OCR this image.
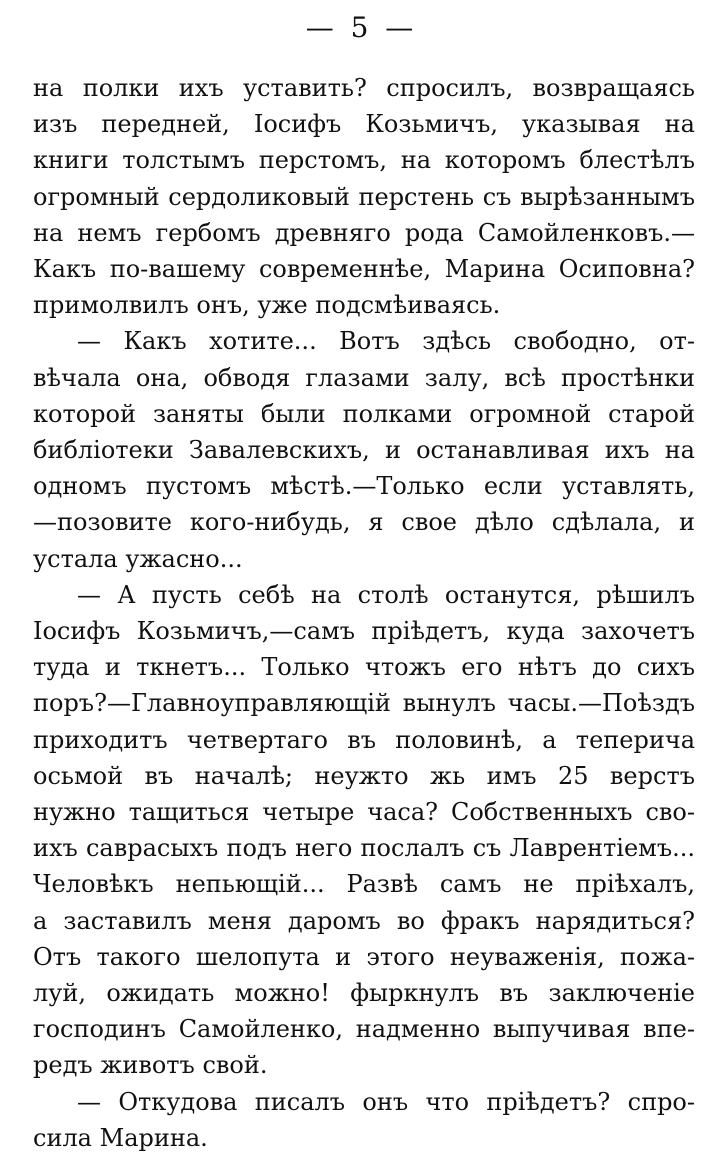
— 5 —
на полки ихъ уставить? спросилъ, возвращаясь
изъ передней, Іосифъ Козьмичъ, указывая на
книги толстымъ перстомъ, на которомъ блестѣлъ
огромный сердоликовый перстень съ вырѣзаннымъ
на немъ гербомъ древняго рода Самойленковъ.—
Какъ по-вашему современнѣе, Марина Осиповна?
примолвилъ онъ, уже подсмѣиваясь.
— Какъ хотите... Вотъ здѣсь свободно, от-
вѣчала она, обводя глазами залу, всѣ простѣнки
которой заняты были полками огромной старой
библіотеки Завалевскихъ, и останавливая ихъ на
одномъ пустомъ мѣстѣ.—Только если уставлять,
—позовите кого-нибудь, я свое дѣло сдѣлала, и
устала ужасно...
— А пусть себѣ на столѣ останутся, рѣшилъ
Іосифъ Козьмичъ,—самъ пріѣдетъ, куда захочетъ
туда и ткнетъ... Только чтожъ его нѣтъ до сихъ
поръ?—Главноуправляющій вынулъ часы.—Поѣздъ
приходитъ четвертаго въ половинѣ, а теперича
осьмой въ началѣ; неужто жь имъ 25 верстъ
нужно тащиться четыре часа? Собственныхъ сво-
ихъ саврасыхъ подъ него послалъ съ Лаврентіемъ...
Человѣкъ непьющій... Развѣ самъ не пріѣхалъ,
а заставилъ меня даромъ во фракъ нарядиться?
Отъ такого шелопута и этого неуваженія, пожа-
луй, ожидать можно! фыркнулъ въ заключеніе
господинъ Самойленко, надменно выпучивая впе-
редъ животъ свой.
— Откудова писалъ онъ что пріѣдетъ? спро-
сила Марина.
